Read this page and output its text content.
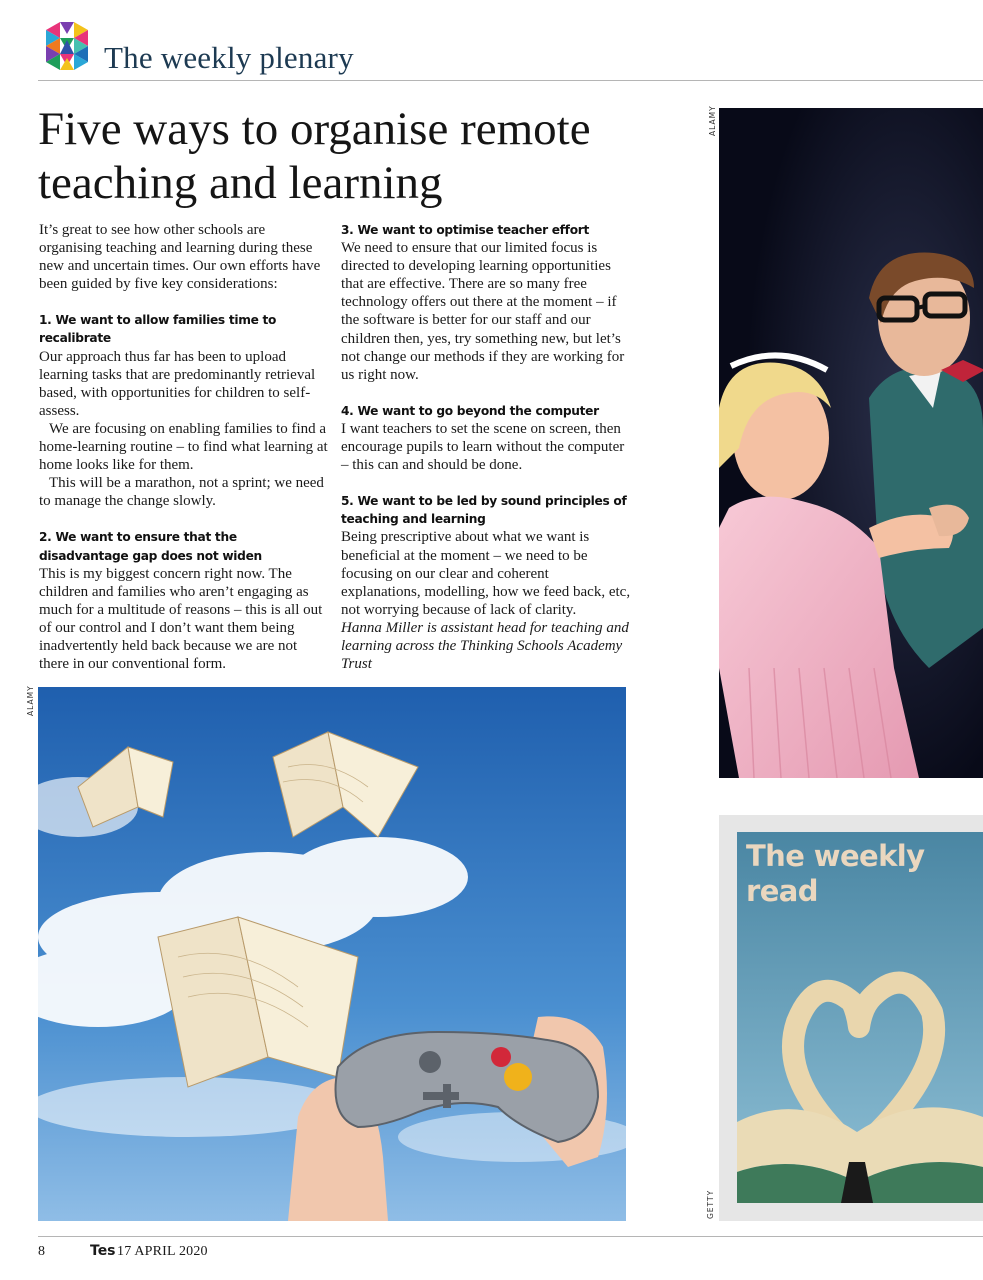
The weekly plenary
Five ways to organise remote teaching and learning

It’s great to see how other schools are organising teaching and learning during these new and uncertain times. Our own efforts have been guided by five key considerations:

1. We want to allow families time to recalibrate

Our approach thus far has been to upload learning tasks that are predominantly retrieval based, with opportunities for children to self-assess.

We are focusing on enabling families to find a home-learning routine – to find what learning at home looks like for them.

This will be a marathon, not a sprint; we need to manage the change slowly.

2. We want to ensure that the disadvantage gap does not widen

This is my biggest concern right now. The children and families who aren’t engaging as much for a multitude of reasons – this is all out of our control and I don’t want them being inadvertently held back because we are not there in our conventional form.

3. We want to optimise teacher effort

We need to ensure that our limited focus is directed to developing learning opportunities that are effective. There are so many free technology offers out there at the moment – if the software is better for our staff and our children then, yes, try something new, but let’s not change our methods if they are working for us right now.

4. We want to go beyond the computer

I want teachers to set the scene on screen, then encourage pupils to learn without the computer – this can and should be done.

5. We want to be led by sound principles of teaching and learning

Being prescriptive about what we want is beneficial at the moment – we need to be focusing on our clear and coherent explanations, modelling, how we feed back, etc, not worrying because of lack of clarity.

Hanna Miller is assistant head for teaching and learning across the Thinking Schools Academy Trust

ALAMY
ALAMY
The weekly read
GETTY
8	Tes 17 APRIL 2020
